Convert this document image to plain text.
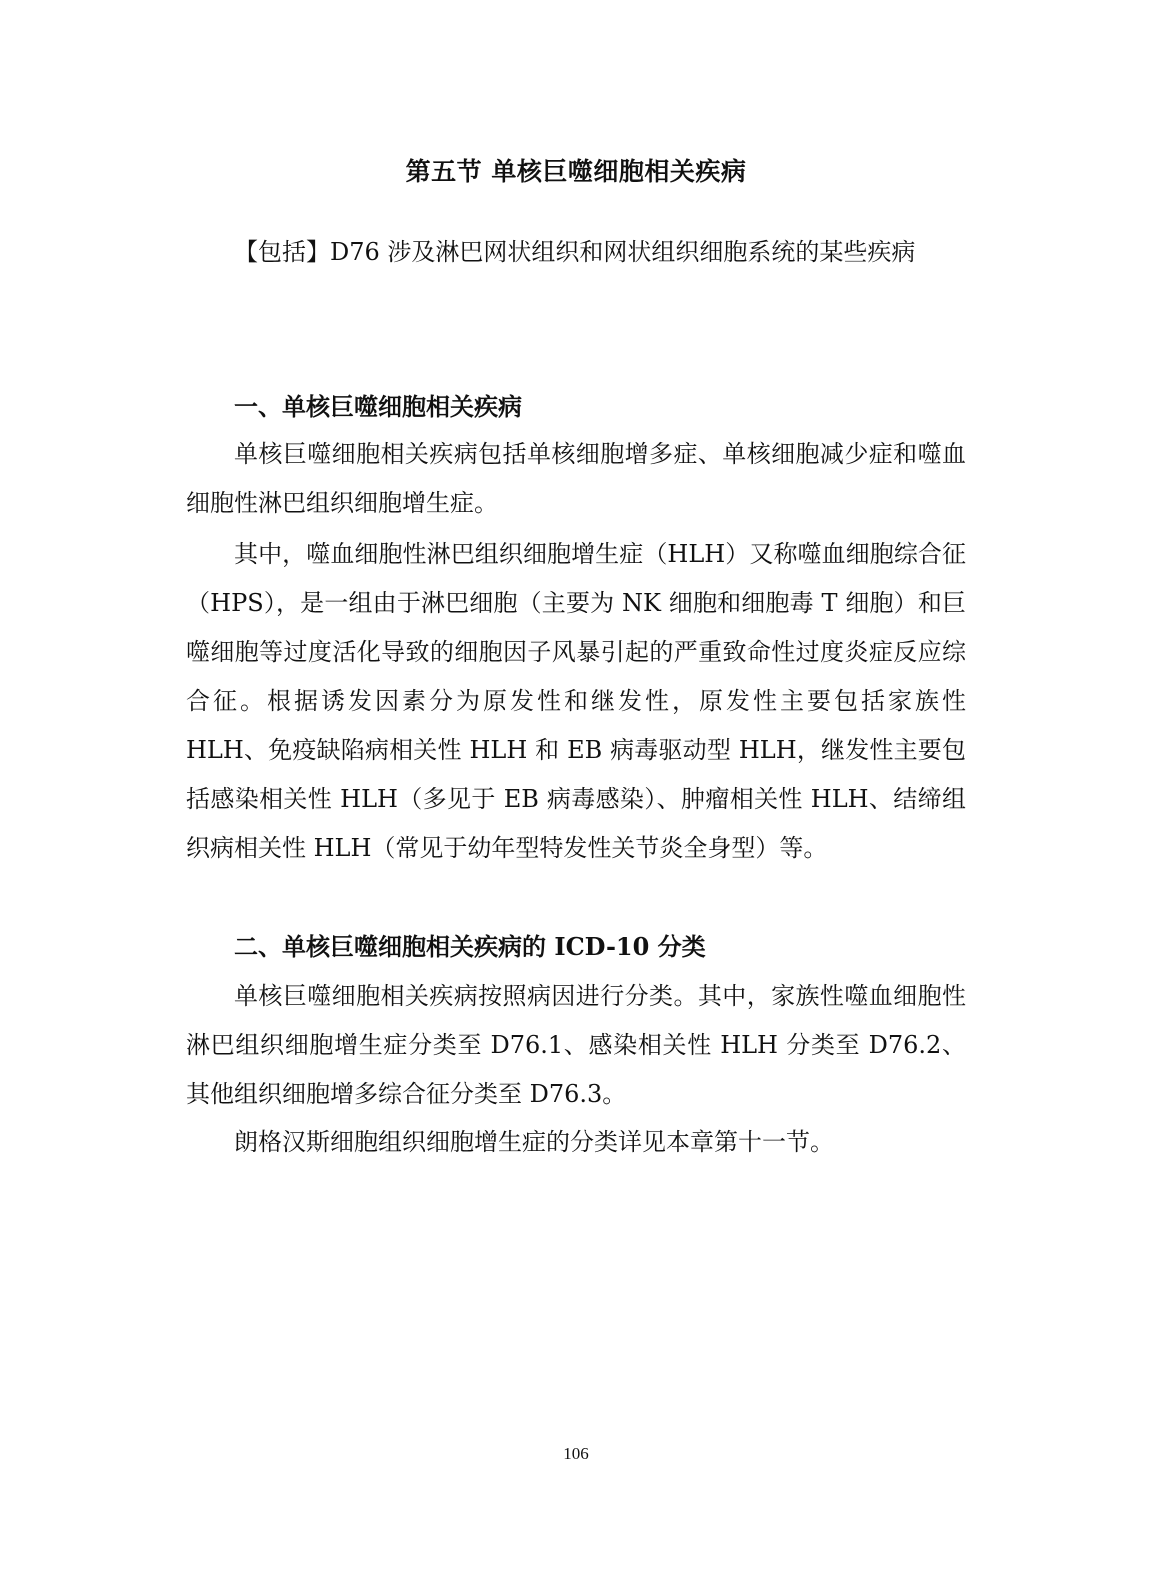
第五节 单核巨噬细胞相关疾病

【包括】D76 涉及淋巴网状组织和网状组织细胞系统的某些疾病

一、单核巨噬细胞相关疾病

单核巨噬细胞相关疾病包括单核细胞增多症、单核细胞减少症和噬血细胞性淋巴组织细胞增生症。

其中，噬血细胞性淋巴组织细胞增生症（HLH）又称噬血细胞综合征（HPS），是一组由于淋巴细胞（主要为 NK 细胞和细胞毒 T 细胞）和巨噬细胞等过度活化导致的细胞因子风暴引起的严重致命性过度炎症反应综合征。根据诱发因素分为原发性和继发性，原发性主要包括家族性 HLH、免疫缺陷病相关性 HLH 和 EB 病毒驱动型 HLH，继发性主要包括感染相关性 HLH（多见于 EB 病毒感染）、肿瘤相关性 HLH、结缔组织病相关性 HLH（常见于幼年型特发性关节炎全身型）等。

二、单核巨噬细胞相关疾病的 ICD-10 分类

单核巨噬细胞相关疾病按照病因进行分类。其中，家族性噬血细胞性淋巴组织细胞增生症分类至 D76.1、感染相关性 HLH 分类至 D76.2、其他组织细胞增多综合征分类至 D76.3。

朗格汉斯细胞组织细胞增生症的分类详见本章第十一节。

106
